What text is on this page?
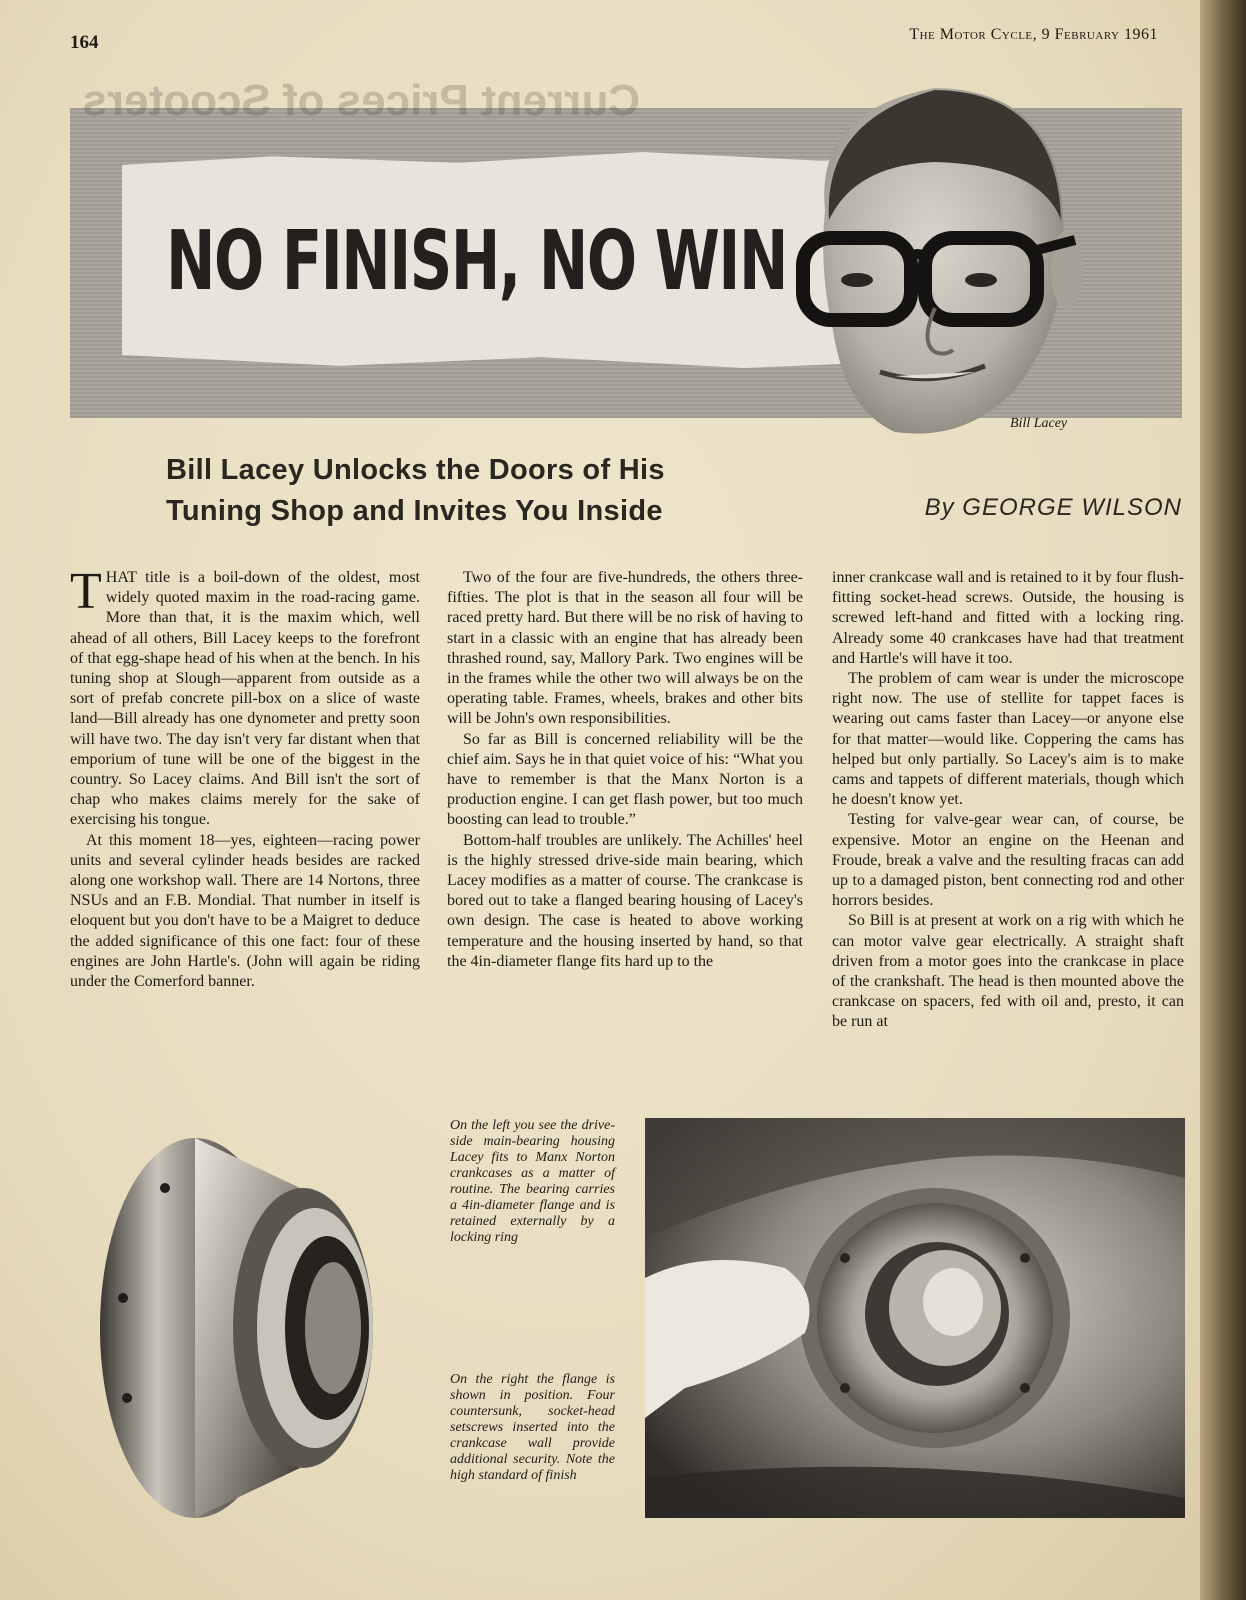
164	The Motor Cycle, 9 February 1961
Current Prices of Scooters
NO FINISH, NO WIN
Bill Lacey
Bill Lacey Unlocks the Doors of His
Tuning Shop and Invites You Inside	By GEORGE WILSON

THAT title is a boil-down of the oldest, most widely quoted maxim in the road-racing game. More than that, it is the maxim which, well ahead of all others, Bill Lacey keeps to the forefront of that egg-shape head of his when at the bench. In his tuning shop at Slough—apparent from outside as a sort of prefab concrete pill-box on a slice of waste land—Bill already has one dynometer and pretty soon will have two. The day isn't very far distant when that emporium of tune will be one of the biggest in the country. So Lacey claims. And Bill isn't the sort of chap who makes claims merely for the sake of exercising his tongue.

At this moment 18—yes, eighteen—racing power units and several cylinder heads besides are racked along one workshop wall. There are 14 Nortons, three NSUs and an F.B. Mondial. That number in itself is eloquent but you don't have to be a Maigret to deduce the added significance of this one fact: four of these engines are John Hartle's. (John will again be riding under the Comerford banner.

Two of the four are five-hundreds, the others three-fifties. The plot is that in the season all four will be raced pretty hard. But there will be no risk of having to start in a classic with an engine that has already been thrashed round, say, Mallory Park. Two engines will be in the frames while the other two will always be on the operating table. Frames, wheels, brakes and other bits will be John's own responsibilities.

So far as Bill is concerned reliability will be the chief aim. Says he in that quiet voice of his: “What you have to remember is that the Manx Norton is a production engine. I can get flash power, but too much boosting can lead to trouble.”

Bottom-half troubles are unlikely. The Achilles' heel is the highly stressed drive-side main bearing, which Lacey modifies as a matter of course. The crankcase is bored out to take a flanged bearing housing of Lacey's own design. The case is heated to above working temperature and the housing inserted by hand, so that the 4in-diameter flange fits hard up to the

inner crankcase wall and is retained to it by four flush-fitting socket-head screws. Outside, the housing is screwed left-hand and fitted with a locking ring. Already some 40 crankcases have had that treatment and Hartle's will have it too.

The problem of cam wear is under the microscope right now. The use of stellite for tappet faces is wearing out cams faster than Lacey—or anyone else for that matter—would like. Coppering the cams has helped but only partially. So Lacey's aim is to make cams and tappets of different materials, though which he doesn't know yet.

Testing for valve-gear wear can, of course, be expensive. Motor an engine on the Heenan and Froude, break a valve and the resulting fracas can add up to a damaged piston, bent connecting rod and other horrors besides.

So Bill is at present at work on a rig with which he can motor valve gear electrically. A straight shaft driven from a motor goes into the crankcase in place of the crankshaft. The head is then mounted above the crankcase on spacers, fed with oil and, presto, it can be run at

On the left you see the drive-side main-bearing housing Lacey fits to Manx Norton crankcases as a matter of routine. The bearing carries a 4in-diameter flange and is retained externally by a locking ring
On the right the flange is shown in position. Four countersunk, socket-head setscrews inserted into the crankcase wall provide additional security. Note the high standard of finish
